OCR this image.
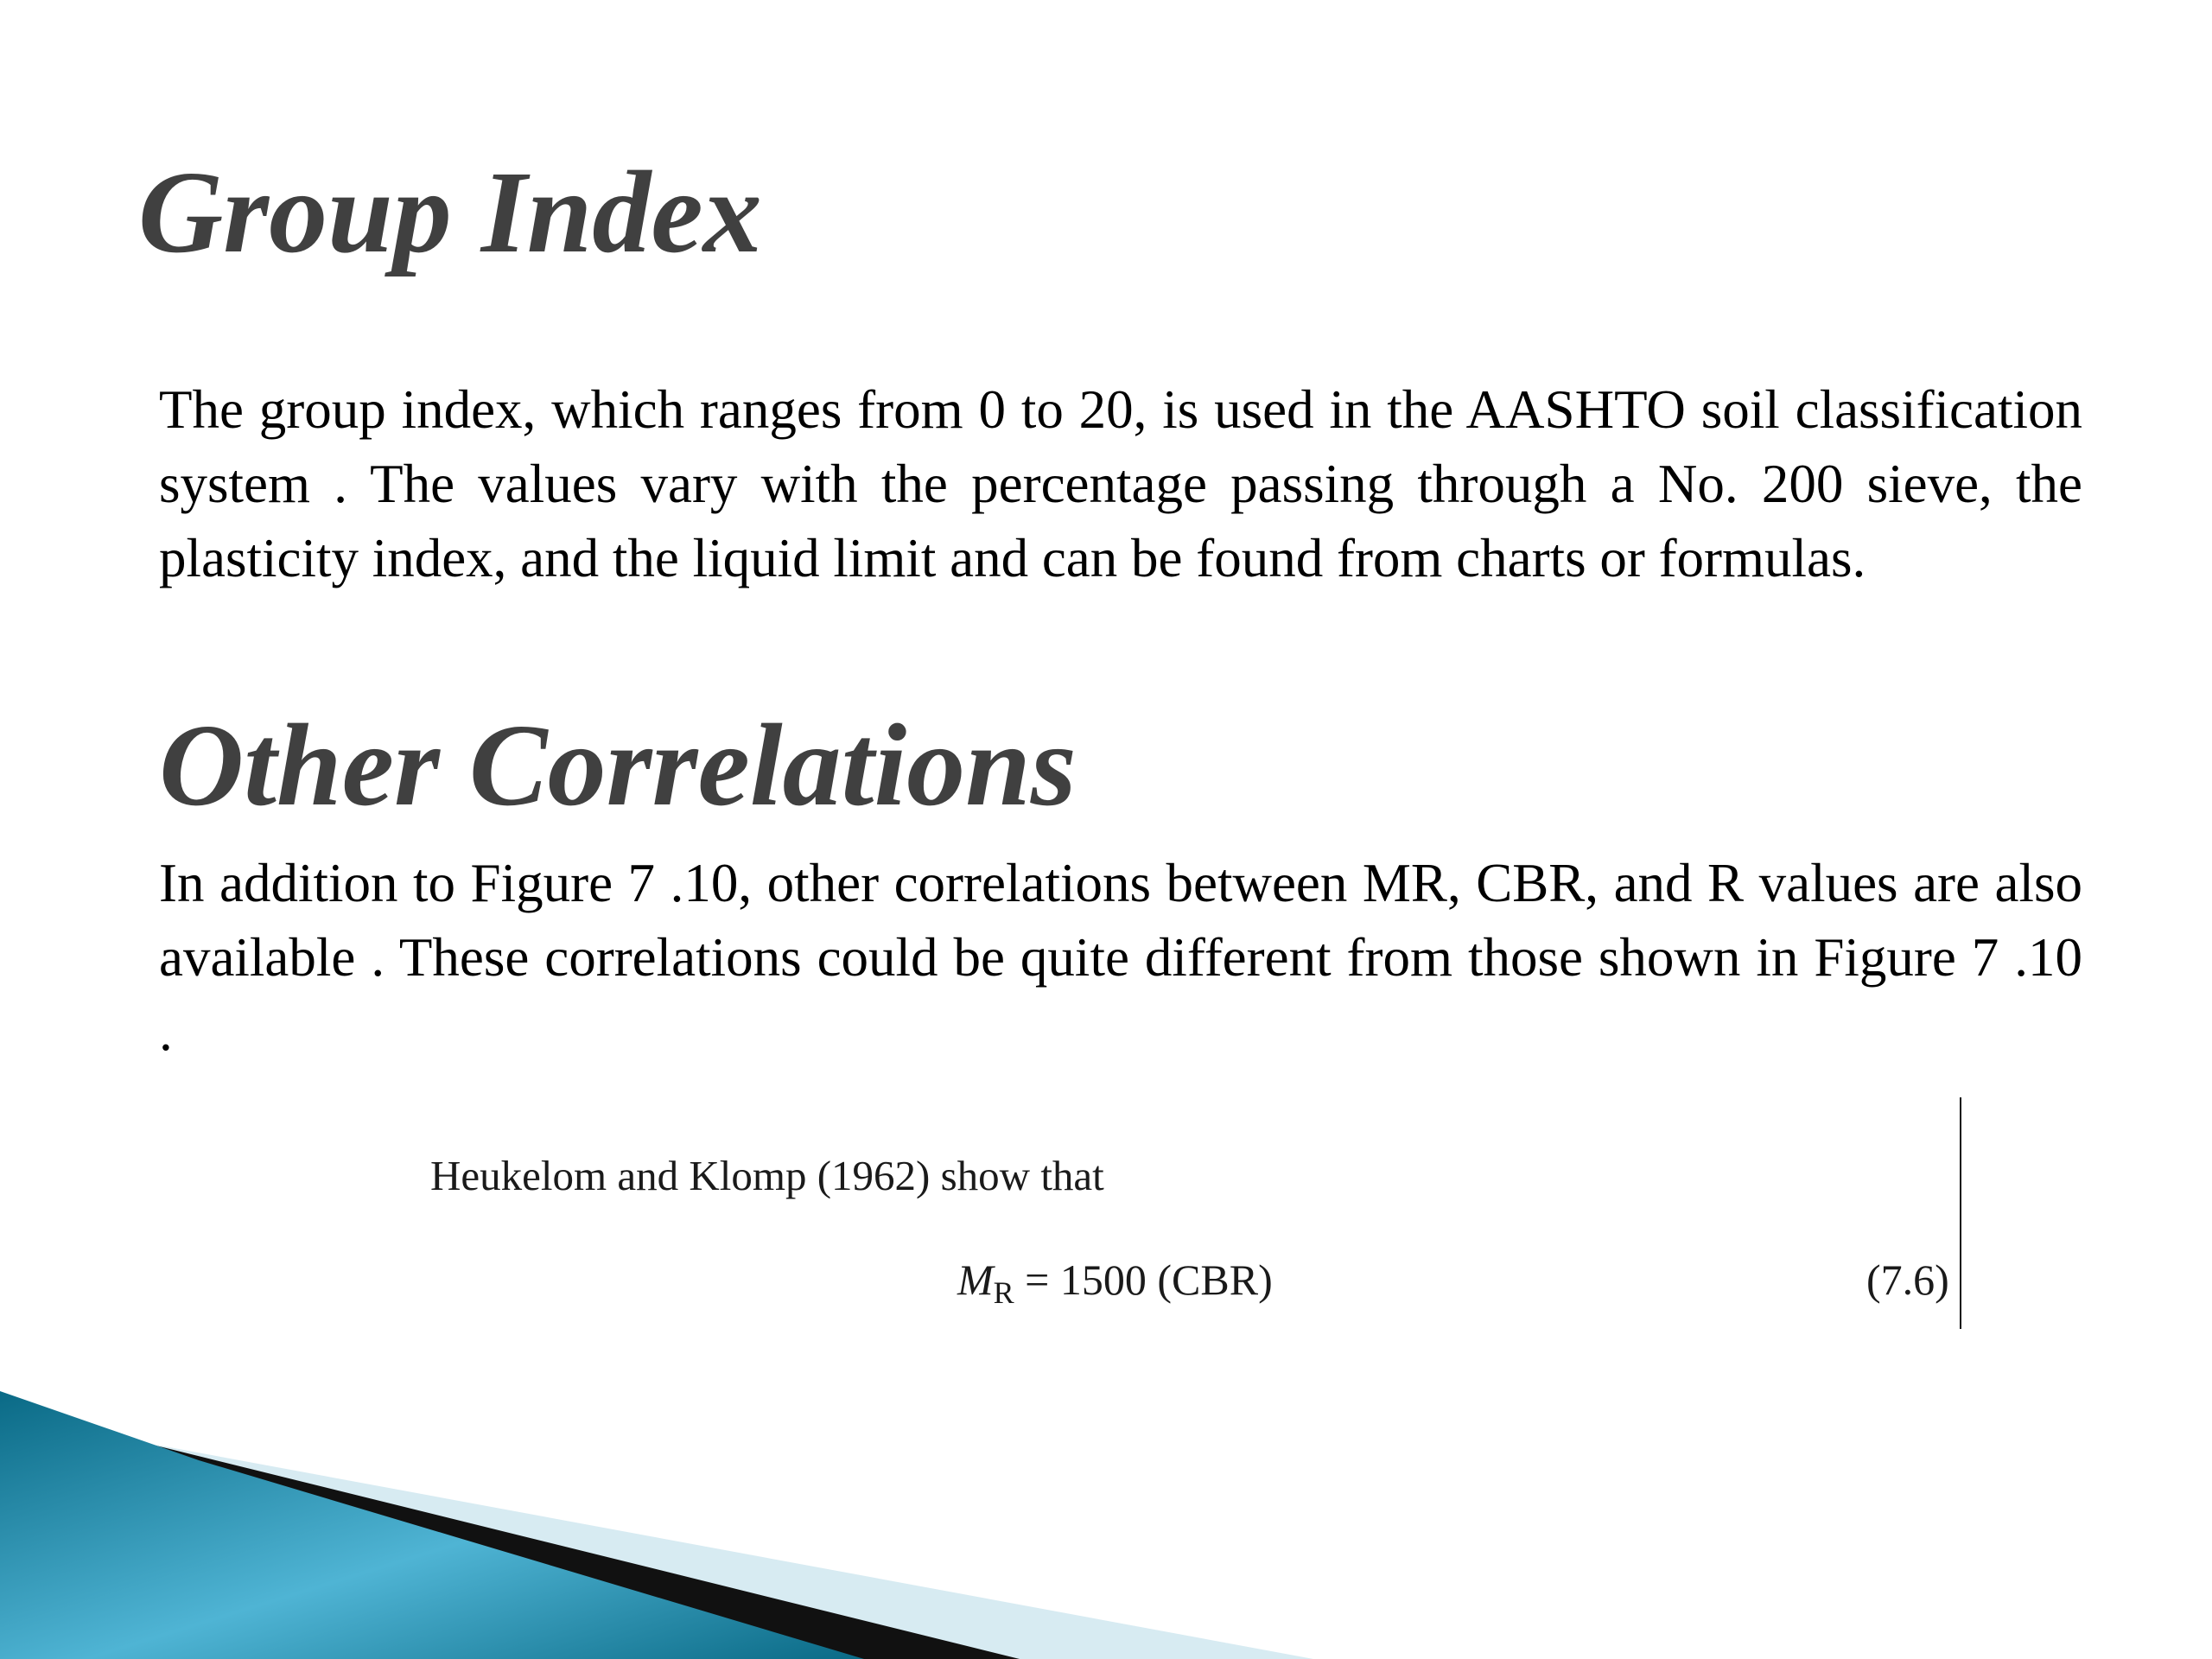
Group Index

The group index, which ranges from 0 to 20, is used in the AASHTO soil classification system . The values vary with the percentage passing through a No. 200 sieve, the plasticity index, and the liquid limit and can be found from charts or formulas.

Other Correlations

In addition to Figure 7 .10, other correlations between MR, CBR, and R values are also available . These correlations could be quite different from those shown in Figure 7 .10 .

Heukelom and Klomp (1962) show that
$M_R = 1500$ (CBR)	(7.6)
